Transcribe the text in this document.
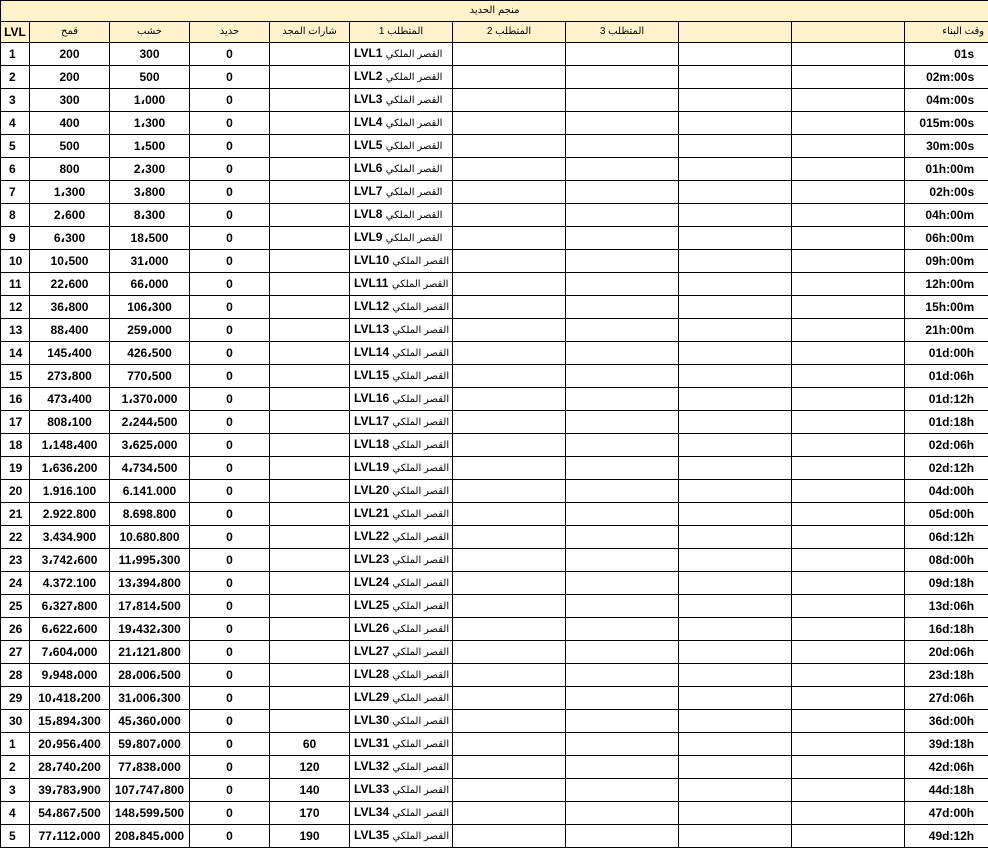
منجم الحديد										
LVL	قمح	خشب	حديد	شارات المجد	المتطلب 1	المتطلب 2	المتطلب 3			وقت البناء
1	200	300	0		LVL1 القصر الملكي					01s
2	200	500	0		LVL2 القصر الملكي					02m:00s
3	300	1،000	0		LVL3 القصر الملكي					04m:00s
4	400	1،300	0		LVL4 القصر الملكي					015m:00s
5	500	1،500	0		LVL5 القصر الملكي					30m:00s
6	800	2،300	0		LVL6 القصر الملكي					01h:00m
7	1،300	3،800	0		LVL7 القصر الملكي					02h:00s
8	2،600	8،300	0		LVL8 القصر الملكي					04h:00m
9	6،300	18،500	0		LVL9 القصر الملكي					06h:00m
10	10،500	31،000	0		LVL10 القصر الملكي					09h:00m
11	22،600	66،000	0		LVL11 القصر الملكي					12h:00m
12	36،800	106،300	0		LVL12 القصر الملكي					15h:00m
13	88،400	259،000	0		LVL13 القصر الملكي					21h:00m
14	145،400	426،500	0		LVL14 القصر الملكي					01d:00h
15	273،800	770،500	0		LVL15 القصر الملكي					01d:06h
16	473،400	1،370،000	0		LVL16 القصر الملكي					01d:12h
17	808،100	2،244،500	0		LVL17 القصر الملكي					01d:18h
18	1،148،400	3،625،000	0		LVL18 القصر الملكي					02d:06h
19	1،636،200	4،734،500	0		LVL19 القصر الملكي					02d:12h
20	1.916.100	6.141.000	0		LVL20 القصر الملكي					04d:00h
21	2.922.800	8.698.800	0		LVL21 القصر الملكي					05d:00h
22	3.434.900	10.680.800	0		LVL22 القصر الملكي					06d:12h
23	3،742،600	11،995،300	0		LVL23 القصر الملكي					08d:00h
24	4.372.100	13،394،800	0		LVL24 القصر الملكي					09d:18h
25	6،327،800	17،814،500	0		LVL25 القصر الملكي					13d:06h
26	6،622،600	19،432،300	0		LVL26 القصر الملكي					16d:18h
27	7،604،000	21،121،800	0		LVL27 القصر الملكي					20d:06h
28	9،948،000	28،006،500	0		LVL28 القصر الملكي					23d:18h
29	10،418،200	31،006،300	0		LVL29 القصر الملكي					27d:06h
30	15،894،300	45،360،000	0		LVL30 القصر الملكي					36d:00h
1	20،956،400	59،807،000	0	60	LVL31 القصر الملكي					39d:18h
2	28،740،200	77،838،000	0	120	LVL32 القصر الملكي					42d:06h
3	39،783،900	107،747،800	0	140	LVL33 القصر الملكي					44d:18h
4	54،867،500	148،599،500	0	170	LVL34 القصر الملكي					47d:00h
5	77،112،000	208،845،000	0	190	LVL35 القصر الملكي					49d:12h
